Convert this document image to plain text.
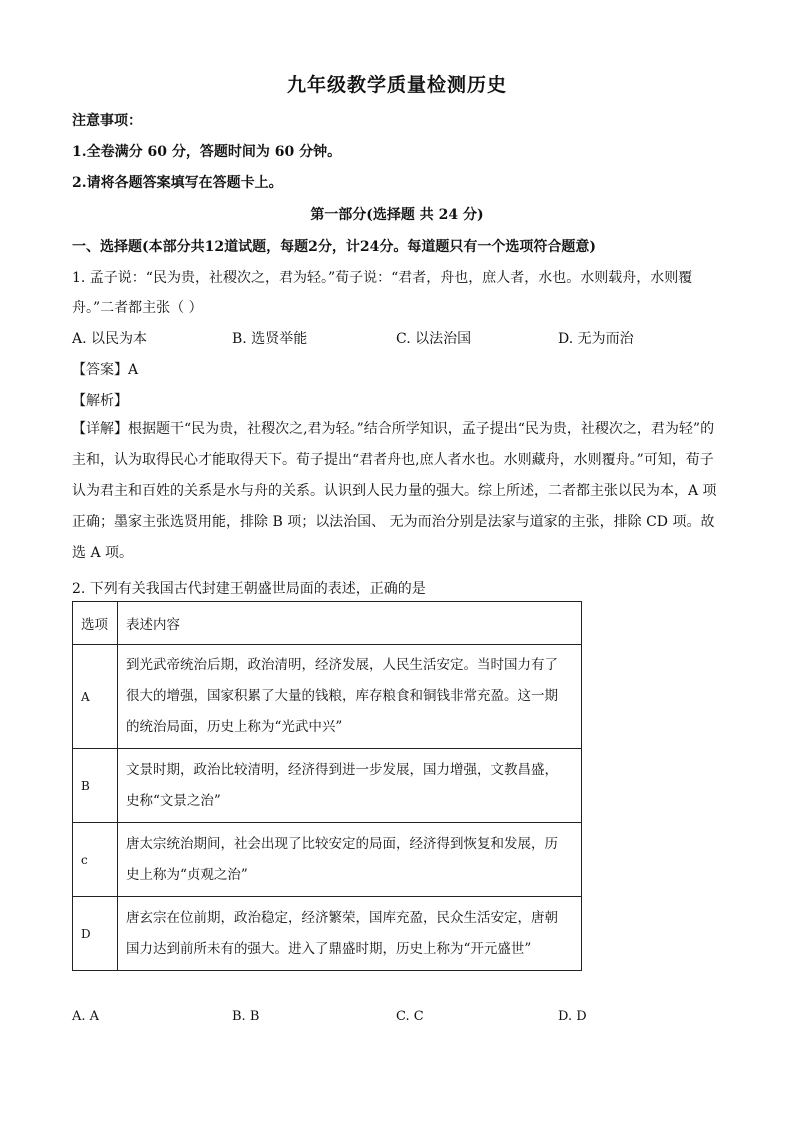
九年级教学质量检测历史
注意事项：
1.全卷满分 60 分，答题时间为 60 分钟。
2.请将各题答案填写在答题卡上。
第一部分(选择题 共 24 分)
一、选择题(本部分共12道试题，每题2分，计24分。每道题只有一个选项符合题意)
1. 孟子说：“民为贵，社稷次之，君为轻。”荀子说：“君者，舟也，庶人者，水也。水则载舟，水则覆
舟。”二者都主张（ ）
A. 以民为本	B. 选贤举能	C. 以法治国	D. 无为而治
【答案】A
【解析】
【详解】根据题干“民为贵，社稷次之,君为轻。”结合所学知识，孟子提出“民为贵，社稷次之，君为轻”的
主和，认为取得民心才能取得天下。荀子提出“君者舟也,庶人者水也。水则藏舟，水则覆舟。”可知，荀子
认为君主和百姓的关系是水与舟的关系。认识到人民力量的强大。综上所述，二者都主张以民为本，A 项
正确；墨家主张选贤用能，排除 B 项；以法治国、 无为而治分别是法家与道家的主张，排除 CD 项。故
选 A 项。
2. 下列有关我国古代封建王朝盛世局面的表述，正确的是
选项	表述内容
A	到光武帝统治后期，政治清明，经济发展，人民生活安定。当时国力有了
很大的增强，国家积累了大量的钱粮，库存粮食和铜钱非常充盈。这一期
的统治局面，历史上称为“光武中兴”

B	文景时期，政治比较清明，经济得到进一步发展，国力增强，文教昌盛，
史称“文景之治”

c	唐太宗统治期间，社会出现了比较安定的局面，经济得到恢复和发展，历
史上称为“贞观之治”

D	唐玄宗在位前期，政治稳定，经济繁荣，国库充盈，民众生活安定，唐朝
国力达到前所未有的强大。进入了鼎盛时期，历史上称为“开元盛世”
A. A	B. B	C. C	D. D
